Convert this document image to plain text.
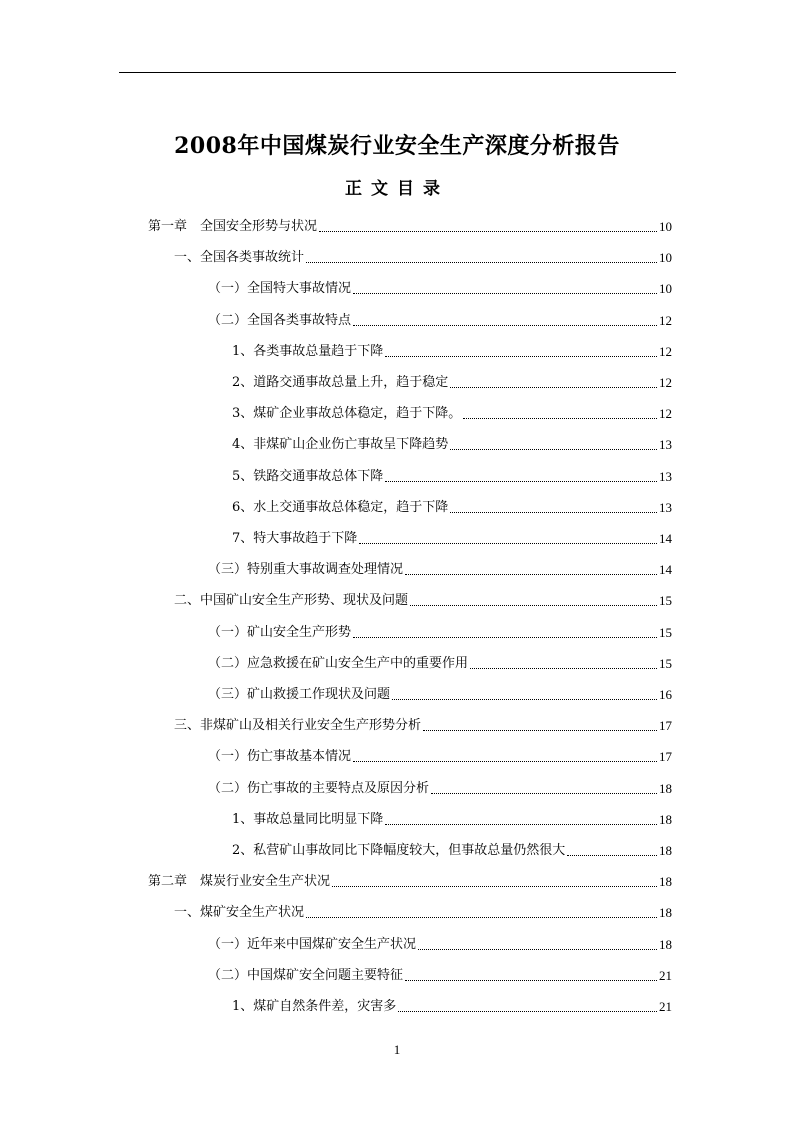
2008年中国煤炭行业安全生产深度分析报告
正文目录
第一章　全国安全形势与状况	10
一、全国各类事故统计	10
（一）全国特大事故情况	10
（二）全国各类事故特点	12
1、各类事故总量趋于下降	12
2、道路交通事故总量上升，趋于稳定	12
3、煤矿企业事故总体稳定，趋于下降。	12
4、非煤矿山企业伤亡事故呈下降趋势	13
5、铁路交通事故总体下降	13
6、水上交通事故总体稳定，趋于下降	13
7、特大事故趋于下降	14
（三）特别重大事故调查处理情况	14
二、中国矿山安全生产形势、现状及问题	15
（一）矿山安全生产形势	15
（二）应急救援在矿山安全生产中的重要作用	15
（三）矿山救援工作现状及问题	16
三、非煤矿山及相关行业安全生产形势分析	17
（一）伤亡事故基本情况	17
（二）伤亡事故的主要特点及原因分析	18
1、事故总量同比明显下降	18
2、私营矿山事故同比下降幅度较大，但事故总量仍然很大	18
第二章　煤炭行业安全生产状况	18
一、煤矿安全生产状况	18
（一）近年来中国煤矿安全生产状况	18
（二）中国煤矿安全问题主要特征	21
1、煤矿自然条件差，灾害多	21
1
